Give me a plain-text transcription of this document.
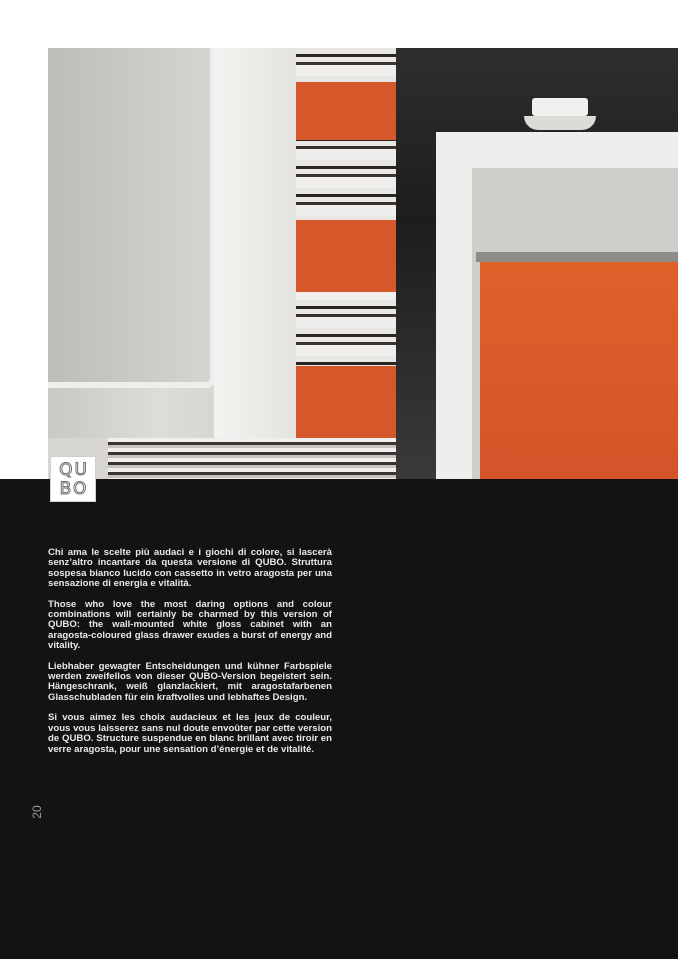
QU
BO

Chi ama le scelte più audaci e i giochi di colore, si lascerà senz’altro incantare da questa versione di QUBO. Struttura sospesa bianco lucido con cassetto in vetro aragosta per una sensazione di energia e vitalità.

Those who love the most daring options and colour combinations will certainly be charmed by this version of QUBO: the wall-mounted white gloss cabinet with an aragosta-coloured glass drawer exudes a burst of energy and vitality.

Liebhaber gewagter Entscheidungen und kühner Farbspiele werden zweifellos von dieser QUBO-Version begeistert sein. Hängeschrank, weiß glanzlackiert, mit aragostafarbenen Glasschubladen für ein kraftvolles und lebhaftes Design.

Si vous aimez les choix audacieux et les jeux de couleur, vous vous laisserez sans nul doute envoûter par cette version de QUBO. Structure suspendue en blanc brillant avec tiroir en verre aragosta, pour une sensation d’énergie et de vitalité.

20
